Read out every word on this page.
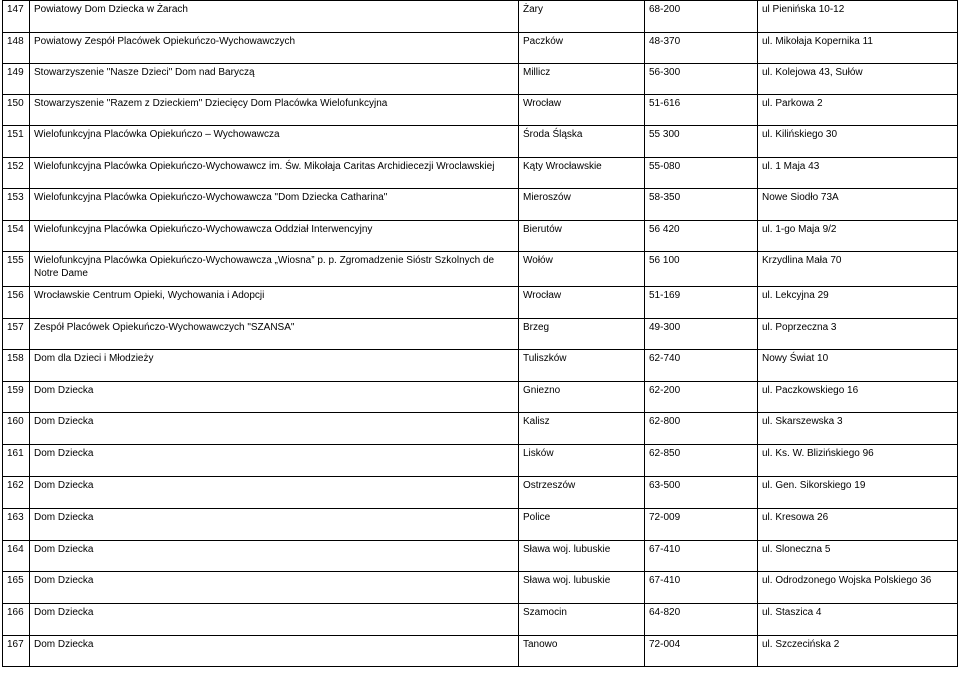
147	Powiatowy Dom Dziecka w Żarach	Żary	68-200	ul Pienińska 10-12
148	Powiatowy Zespół Placówek Opiekuńczo-Wychowawczych	Paczków	48-370	ul. Mikołaja Kopernika 11
149	Stowarzyszenie "Nasze Dzieci" Dom nad Baryczą	Millicz	56-300	ul. Kolejowa 43, Sułów
150	Stowarzyszenie "Razem z Dzieckiem" Dziecięcy Dom Placówka Wielofunkcyjna	Wrocław	51-616	ul. Parkowa 2
151	Wielofunkcyjna Placówka Opiekuńczo – Wychowawcza	Środa Śląska	55 300	ul. Kilińskiego 30
152	Wielofunkcyjna Placówka Opiekuńczo-Wychowawcz im. Św. Mikołaja Caritas Archidiecezji Wroclawskiej	Kąty Wrocławskie	55-080	ul. 1 Maja 43
153	Wielofunkcyjna Placówka Opiekuńczo-Wychowawcza "Dom Dziecka Catharina"	Mieroszów	58-350	Nowe Siodło 73A
154	Wielofunkcyjna Placówka Opiekuńczo-Wychowawcza Oddział Interwencyjny	Bierutów	56 420	ul. 1-go Maja 9/2
155	Wielofunkcyjna Placówka Opiekuńczo-Wychowawcza „Wiosna” p. p. Zgromadzenie Sióstr Szkolnych de Notre Dame	Wołów	56 100	Krzydlina Mała 70
156	Wrocławskie Centrum Opieki, Wychowania i Adopcji	Wrocław	51-169	ul. Lekcyjna 29
157	Zespół Placówek Opiekuńczo-Wychowawczych "SZANSA"	Brzeg	49-300	ul. Poprzeczna 3
158	Dom dla Dzieci i Młodzieży	Tuliszków	62-740	Nowy Świat 10
159	Dom Dziecka	Gniezno	62-200	ul. Paczkowskiego 16
160	Dom Dziecka	Kalisz	62-800	ul. Skarszewska 3
161	Dom Dziecka	Lisków	62-850	ul. Ks. W. Blizińskiego 96
162	Dom Dziecka	Ostrzeszów	63-500	ul. Gen. Sikorskiego 19
163	Dom Dziecka	Police	72-009	ul. Kresowa 26
164	Dom Dziecka	Sława woj. lubuskie	67-410	ul. Sloneczna 5
165	Dom Dziecka	Sława woj. lubuskie	67-410	ul. Odrodzonego Wojska Polskiego 36
166	Dom Dziecka	Szamocin	64-820	ul. Staszica 4
167	Dom Dziecka	Tanowo	72-004	ul. Szczecińska 2
